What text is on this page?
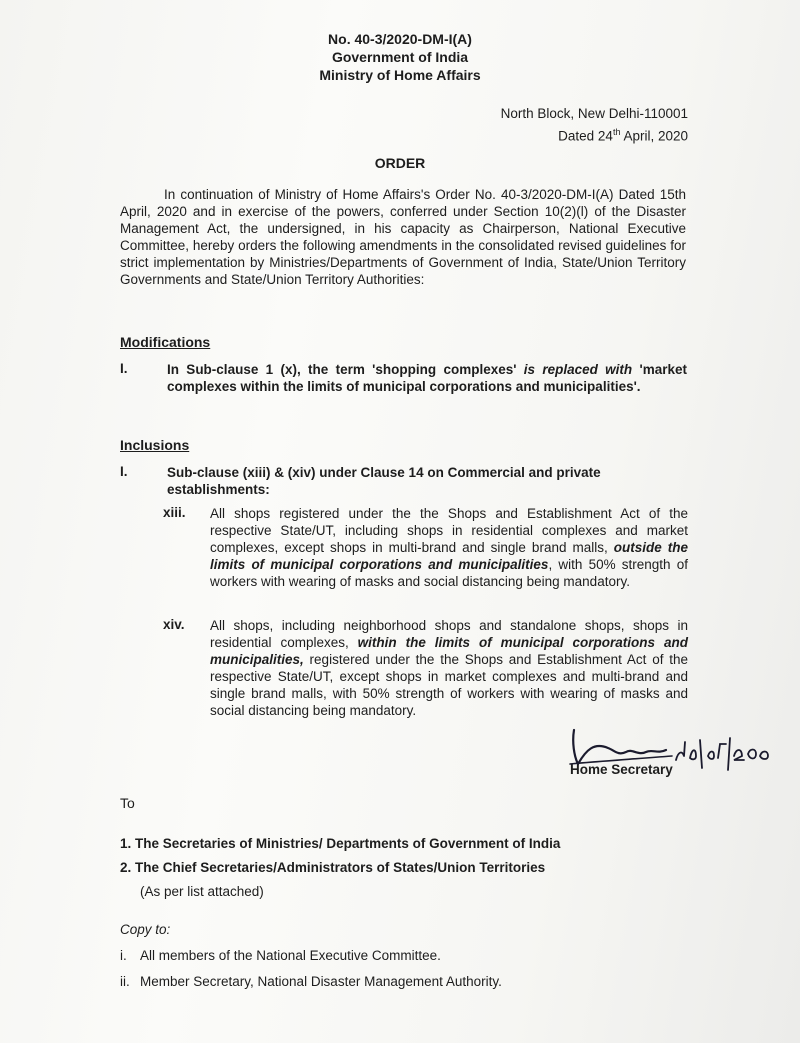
No. 40-3/2020-DM-I(A)
Government of India
Ministry of Home Affairs
North Block, New Delhi-110001
Dated 24th April, 2020
ORDER
In continuation of Ministry of Home Affairs's Order No. 40-3/2020-DM-I(A) Dated 15th April, 2020 and in exercise of the powers, conferred under Section 10(2)(l) of the Disaster Management Act, the undersigned, in his capacity as Chairperson, National Executive Committee, hereby orders the following amendments in the consolidated revised guidelines for strict implementation by Ministries/Departments of Government of India, State/Union Territory Governments and State/Union Territory Authorities:
Modifications
I.	In Sub-clause 1 (x), the term 'shopping complexes' is replaced with 'market complexes within the limits of municipal corporations and municipalities'.
Inclusions
I.	Sub-clause (xiii) & (xiv) under Clause 14 on Commercial and private establishments:
xiii. All shops registered under the the Shops and Establishment Act of the respective State/UT, including shops in residential complexes and market complexes, except shops in multi-brand and single brand malls, outside the limits of municipal corporations and municipalities, with 50% strength of workers with wearing of masks and social distancing being mandatory.
xiv. All shops, including neighborhood shops and standalone shops, shops in residential complexes, within the limits of municipal corporations and municipalities, registered under the the Shops and Establishment Act of the respective State/UT, except shops in market complexes and multi-brand and single brand malls, with 50% strength of workers with wearing of masks and social distancing being mandatory.
Home Secretary
To
1. The Secretaries of Ministries/ Departments of Government of India
2. The Chief Secretaries/Administrators of States/Union Territories
(As per list attached)
Copy to:
i. All members of the National Executive Committee.
ii. Member Secretary, National Disaster Management Authority.
